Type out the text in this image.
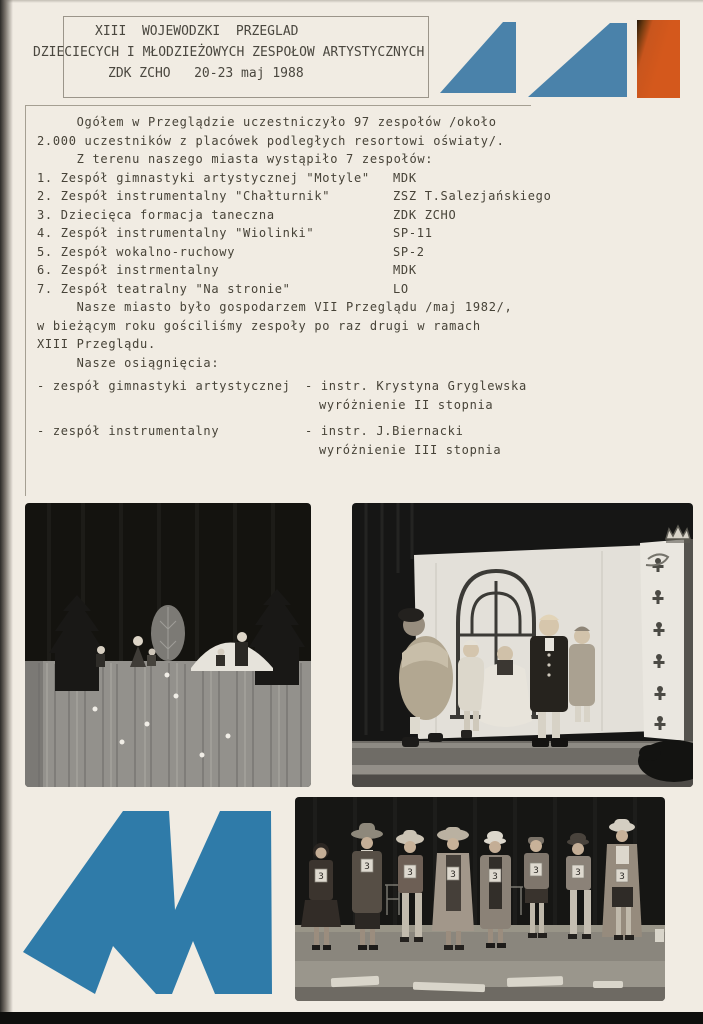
XIII  WOJEWODZKI  PRZEGLAD
DZIECIECYCH I MŁODZIEŻOWYCH ZESPOŁOW ARTYSTYCZNYCH
ZDK ZCHO   20-23 maj 1988
Ogółem w Przeglądzie uczestniczyło 97 zespołów /około
2.000 uczestników z placówek podległych resortowi oświaty/.
Z terenu naszego miasta wystąpiło 7 zespołów:
1. Zespół gimnastyki artystycznej "Motyle"	MDK
2. Zespół instrumentalny "Chałturnik"	ZSZ T.Salezjańskiego
3. Dziecięca formacja taneczna	ZDK ZCHO
4. Zespół instrumentalny "Wiolinki"	SP-11
5. Zespół wokalno-ruchowy	SP-2
6. Zespół instrmentalny	MDK
7. Zespół teatralny "Na stronie"	LO
Nasze miasto było gospodarzem VII Przeglądu /maj 1982/,
w bieżącym roku gościliśmy zespoły po raz drugi w ramach
XIII Przeglądu.
Nasze osiągnięcia:
- zespół gimnastyki artystycznej	- instr. Krystyna Gryglewska
wyróżnienie II stopnia
- zespół instrumentalny	- instr. J.Biernacki
wyróżnienie III stopnia
3
3
3	3	3
3	3	3
